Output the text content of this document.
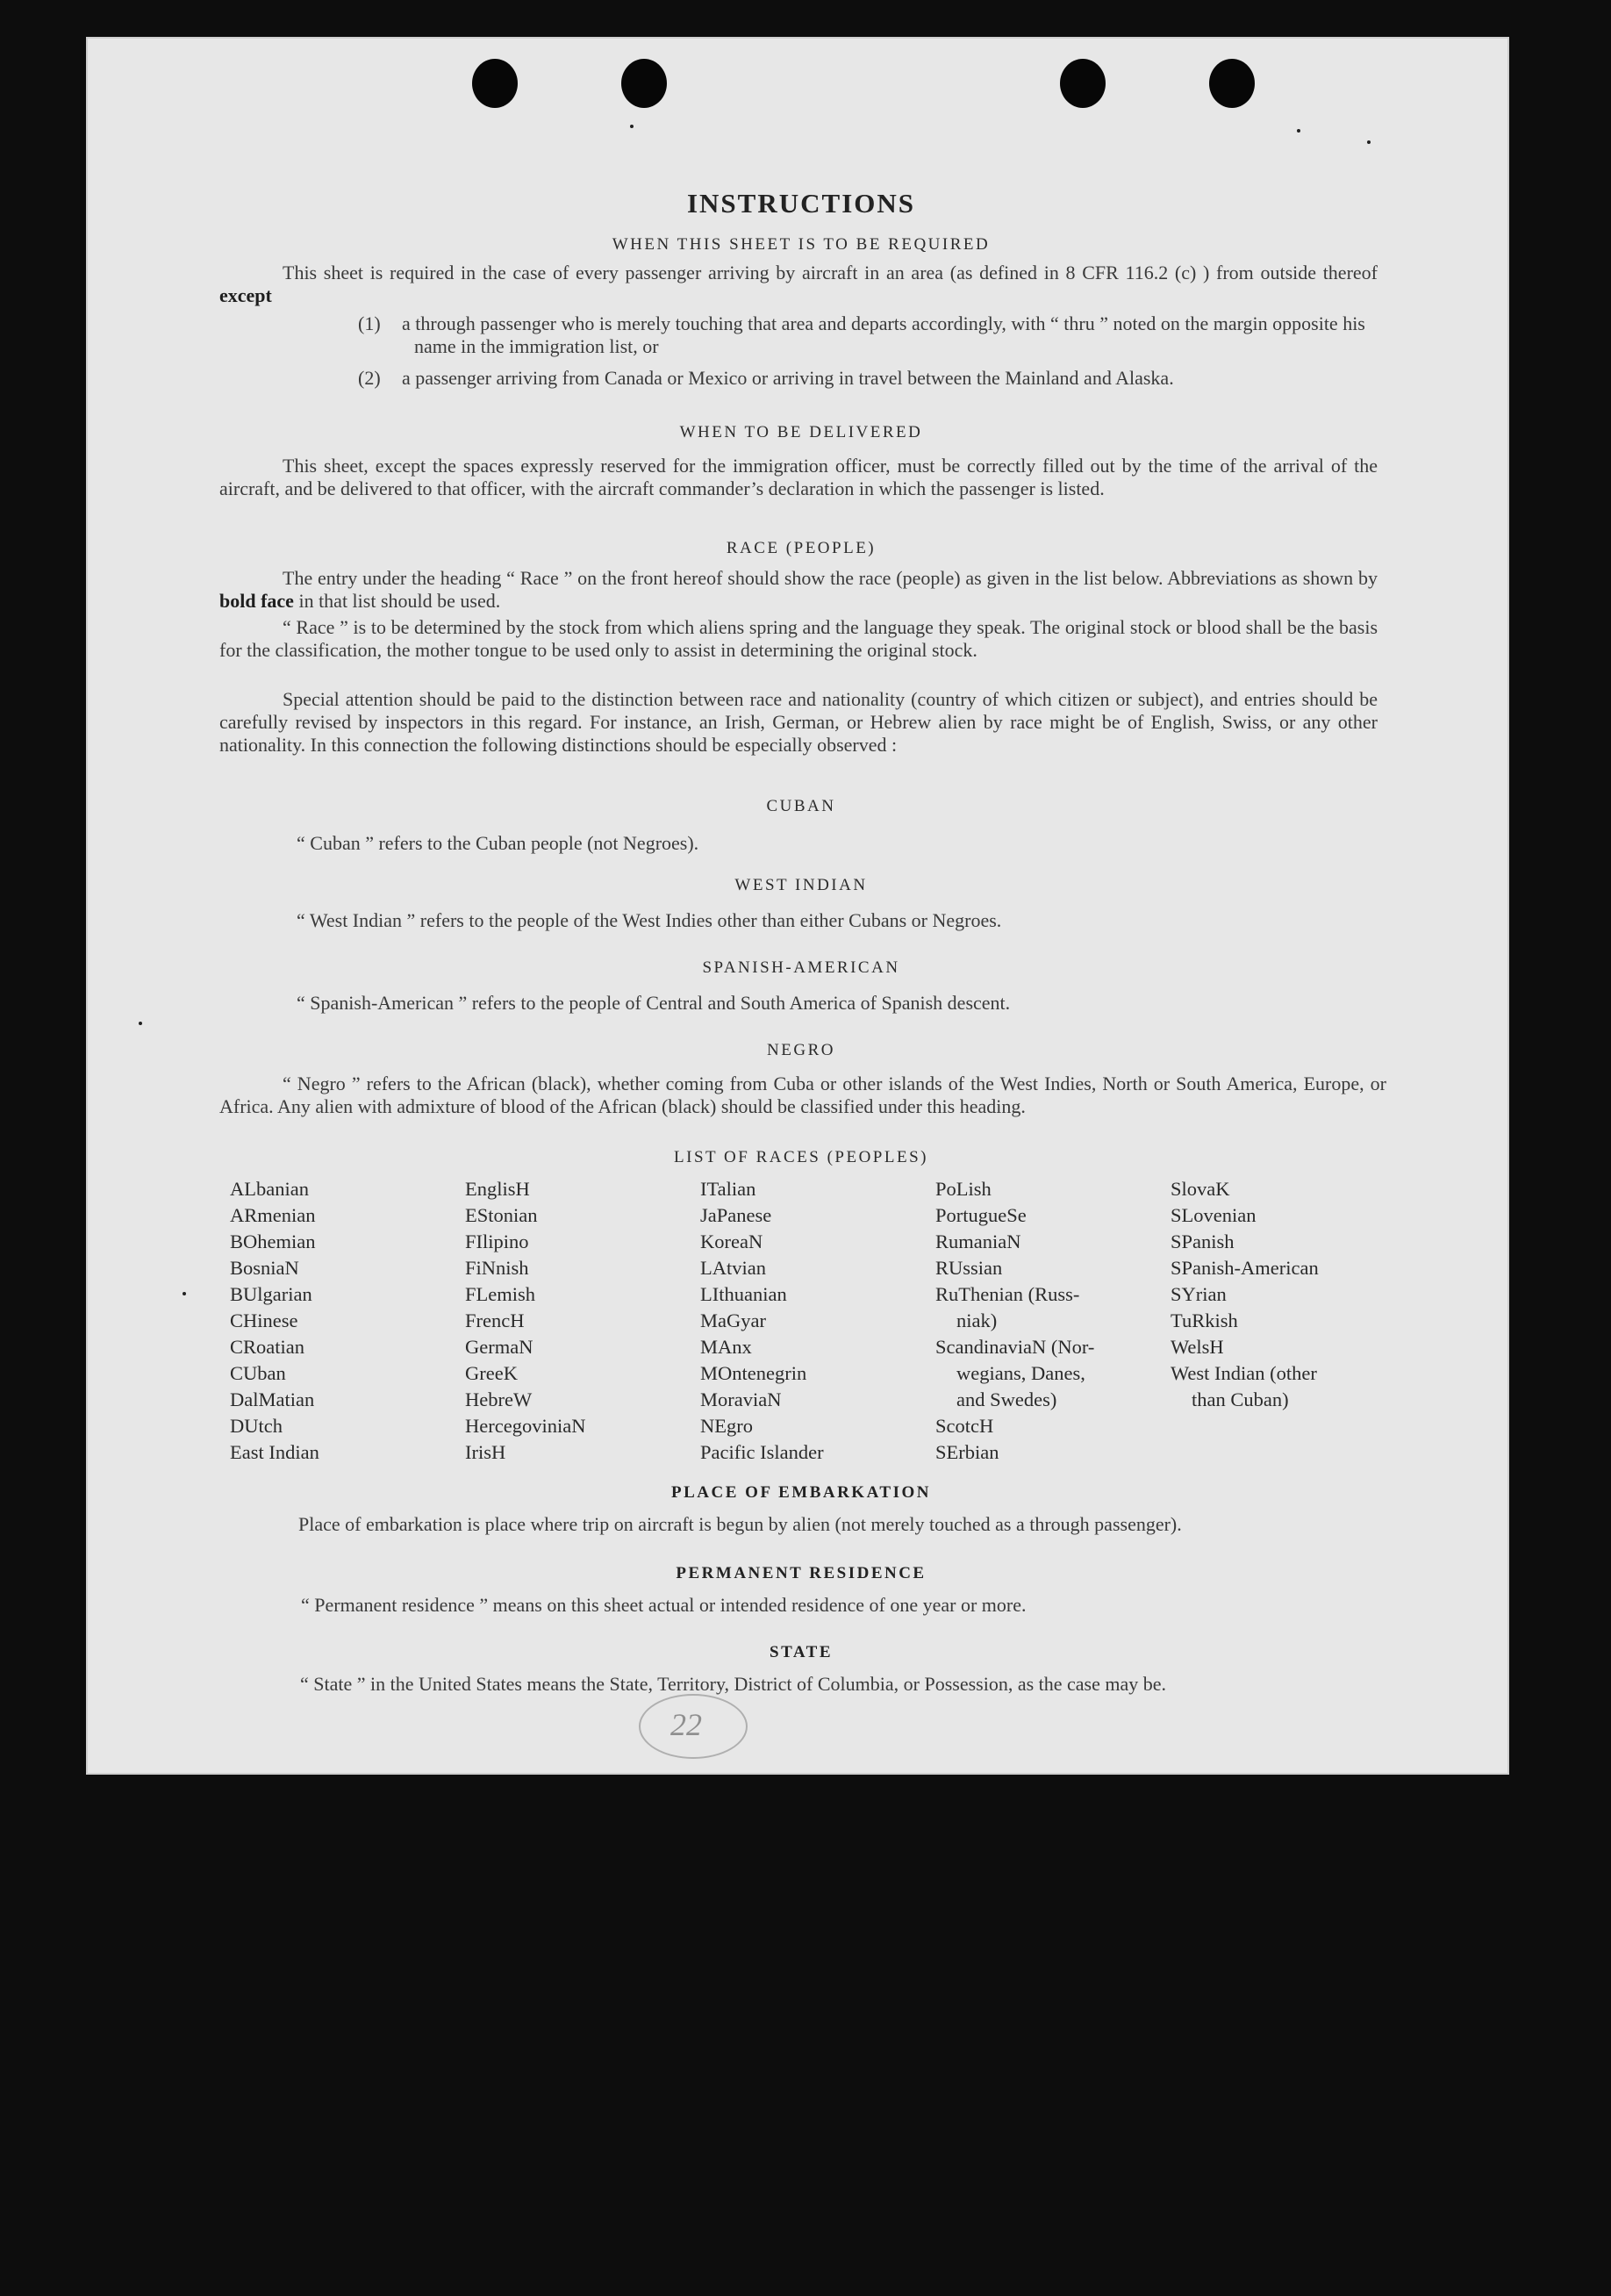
INSTRUCTIONS
WHEN THIS SHEET IS TO BE REQUIRED
This sheet is required in the case of every passenger arriving by aircraft in an area (as defined in 8 CFR 116.2 (c) ) from outside thereof except
(1)	a through passenger who is merely touching that area and departs accordingly, with “ thru ” noted on the margin opposite his name in the immigration list, or
(2)	a passenger arriving from Canada or Mexico or arriving in travel between the Mainland and Alaska.
WHEN TO BE DELIVERED
This sheet, except the spaces expressly reserved for the immigration officer, must be correctly filled out by the time of the arrival of the aircraft, and be delivered to that officer, with the aircraft commander’s declaration in which the passenger is listed.
RACE (PEOPLE)
The entry under the heading “ Race ” on the front hereof should show the race (people) as given in the list below. Abbreviations as shown by bold face in that list should be used.
“ Race ” is to be determined by the stock from which aliens spring and the language they speak. The original stock or blood shall be the basis for the classification, the mother tongue to be used only to assist in determining the original stock.
Special attention should be paid to the distinction between race and nationality (country of which citizen or subject), and entries should be carefully revised by inspectors in this regard. For instance, an Irish, German, or Hebrew alien by race might be of English, Swiss, or any other nationality. In this connection the following distinctions should be especially observed :
CUBAN
“ Cuban ” refers to the Cuban people (not Negroes).
WEST INDIAN
“ West Indian ” refers to the people of the West Indies other than either Cubans or Negroes.
SPANISH-AMERICAN
“ Spanish-American ” refers to the people of Central and South America of Spanish descent.
NEGRO
“ Negro ” refers to the African (black), whether coming from Cuba or other islands of the West Indies, North or South America, Europe, or Africa. Any alien with admixture of blood of the African (black) should be classified under this heading.
LIST OF RACES (PEOPLES)
ALbanian
ARmenian
BOhemian
BosniaN
BUlgarian
CHinese
CRoatian
CUban
DalMatian
DUtch
East Indian
EnglisH
EStonian
FIlipino
FiNnish
FLemish
FrencH
GermaN
GreeK
HebreW
HercegoviniaN
IrisH
ITalian
JaPanese
KoreaN
LAtvian
LIthuanian
MaGyar
MAnx
MOntenegrin
MoraviaN
NEgro
Pacific Islander
PoLish
PortugueSe
RumaniaN
RUssian
RuThenian (Russ-
niak)
ScandinaviaN (Nor-
wegians, Danes,
and Swedes)
ScotcH
SErbian
SlovaK
SLovenian
SPanish
SPanish-American
SYrian
TuRkish
WelsH
West Indian (other
than Cuban)
PLACE OF EMBARKATION
Place of embarkation is place where trip on aircraft is begun by alien (not merely touched as a through passenger).
PERMANENT RESIDENCE
“ Permanent residence ” means on this sheet actual or intended residence of one year or more.
STATE
“ State ” in the United States means the State, Territory, District of Columbia, or Possession, as the case may be.
22
